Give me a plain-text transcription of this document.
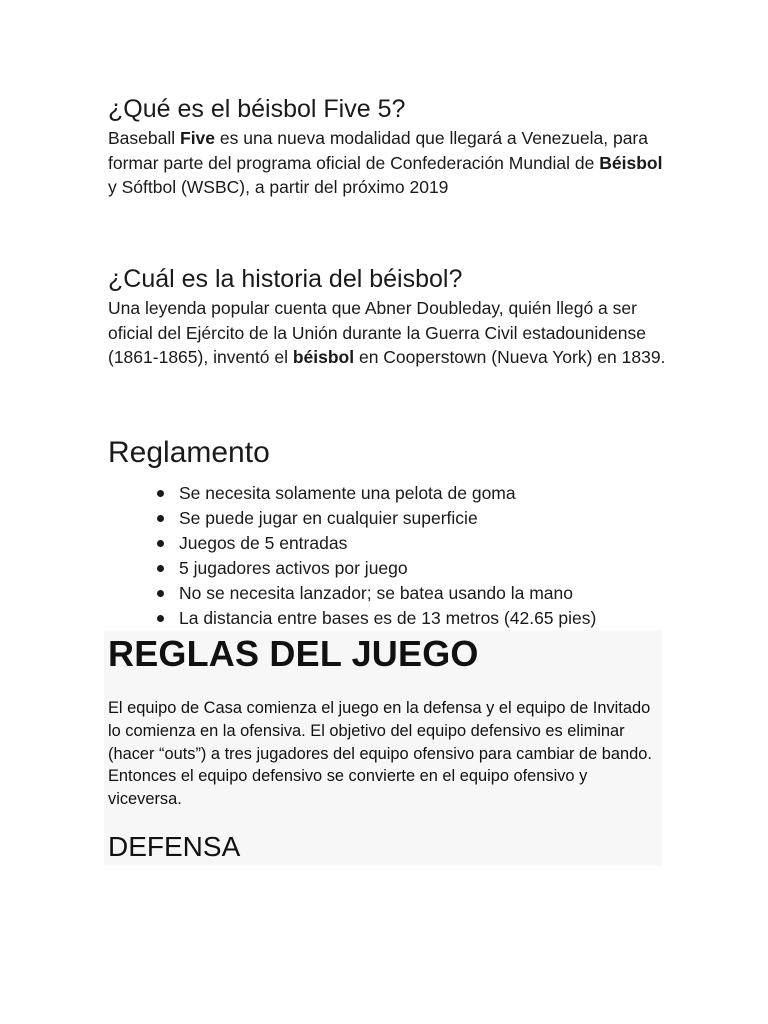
¿Qué es el béisbol Five 5?

Baseball Five es una nueva modalidad que llegará a Venezuela, para formar parte del programa oficial de Confederación Mundial de Béisbol y Sóftbol (WSBC), a partir del próximo 2019

¿Cuál es la historia del béisbol?

Una leyenda popular cuenta que Abner Doubleday, quién llegó a ser oficial del Ejército de la Unión durante la Guerra Civil estadounidense (1861-1865), inventó el béisbol en Cooperstown (Nueva York) en 1839.

Reglamento
Se necesita solamente una pelota de goma
Se puede jugar en cualquier superficie
Juegos de 5 entradas
5 jugadores activos por juego
No se necesita lanzador; se batea usando la mano
La distancia entre bases es de 13 metros (42.65 pies)
REGLAS DEL JUEGO

El equipo de Casa comienza el juego en la defensa y el equipo de Invitado lo comienza en la ofensiva. El objetivo del equipo defensivo es eliminar (hacer “outs”) a tres jugadores del equipo ofensivo para cambiar de bando. Entonces el equipo defensivo se convierte en el equipo ofensivo y viceversa.

DEFENSA
